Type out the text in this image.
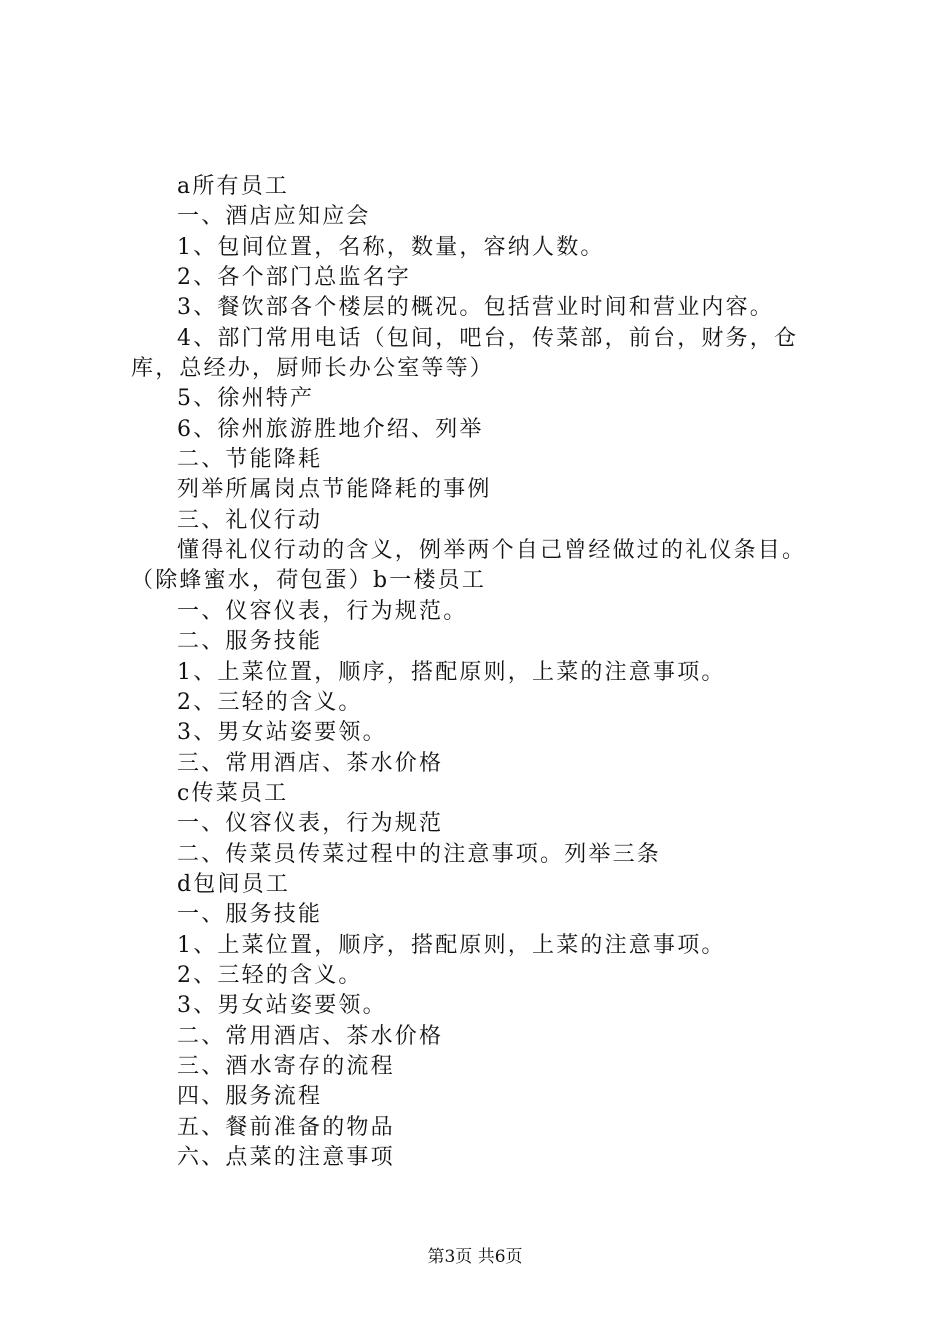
a所有员工
一、酒店应知应会
1、包间位置，名称，数量，容纳人数。
2、各个部门总监名字
3、餐饮部各个楼层的概况。包括营业时间和营业内容。
4、部门常用电话（包间，吧台，传菜部，前台，财务，仓
库，总经办，厨师长办公室等等）
5、徐州特产
6、徐州旅游胜地介绍、列举
二、节能降耗
列举所属岗点节能降耗的事例
三、礼仪行动
懂得礼仪行动的含义，例举两个自己曾经做过的礼仪条目。
（除蜂蜜水，荷包蛋）b一楼员工
一、仪容仪表，行为规范。
二、服务技能
1、上菜位置，顺序，搭配原则，上菜的注意事项。
2、三轻的含义。
3、男女站姿要领。
三、常用酒店、茶水价格
c传菜员工
一、仪容仪表，行为规范
二、传菜员传菜过程中的注意事项。列举三条
d包间员工
一、服务技能
1、上菜位置，顺序，搭配原则，上菜的注意事项。
2、三轻的含义。
3、男女站姿要领。
二、常用酒店、茶水价格
三、酒水寄存的流程
四、服务流程
五、餐前准备的物品
六、点菜的注意事项
第3页 共6页
